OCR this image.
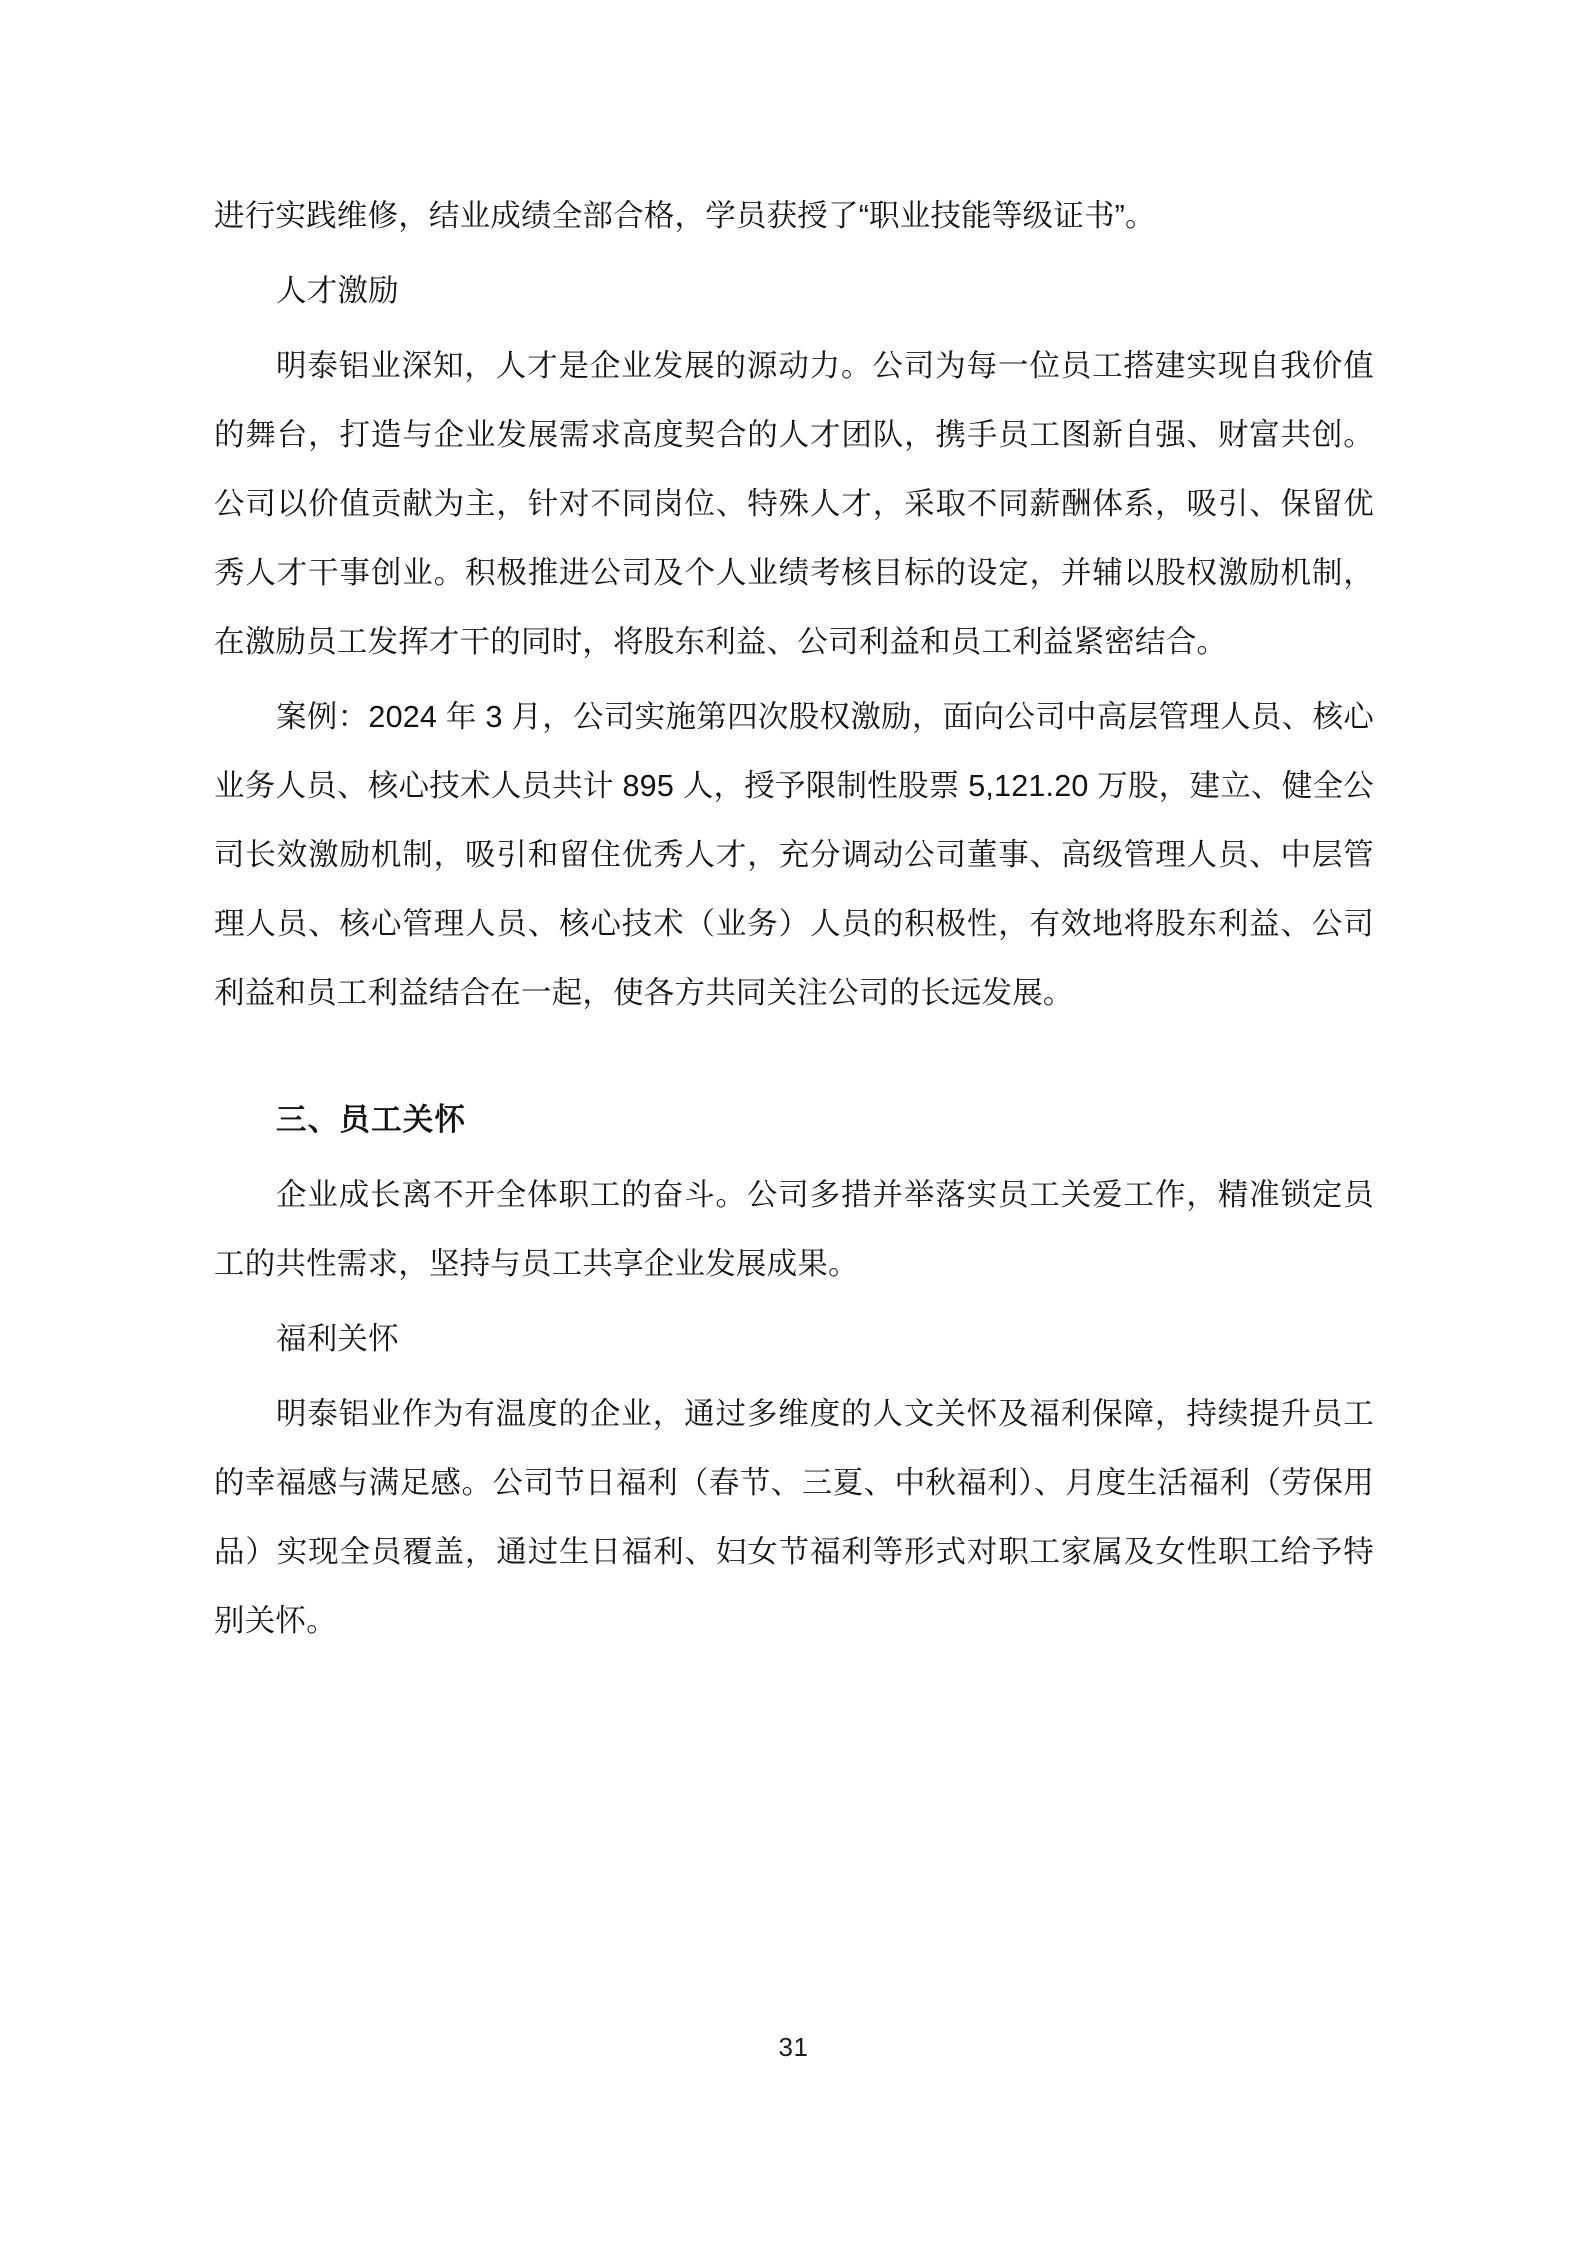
进行实践维修，结业成绩全部合格，学员获授了“职业技能等级证书”。

人才激励

明泰铝业深知，人才是企业发展的源动力。公司为每一位员工搭建实现自我价值的舞台，打造与企业发展需求高度契合的人才团队，携手员工图新自强、财富共创。公司以价值贡献为主，针对不同岗位、特殊人才，采取不同薪酬体系，吸引、保留优秀人才干事创业。积极推进公司及个人业绩考核目标的设定，并辅以股权激励机制，在激励员工发挥才干的同时，将股东利益、公司利益和员工利益紧密结合。

案例：2024 年 3 月，公司实施第四次股权激励，面向公司中高层管理人员、核心业务人员、核心技术人员共计 895 人，授予限制性股票 5,121.20 万股，建立、健全公司长效激励机制，吸引和留住优秀人才，充分调动公司董事、高级管理人员、中层管理人员、核心管理人员、核心技术（业务）人员的积极性，有效地将股东利益、公司利益和员工利益结合在一起，使各方共同关注公司的长远发展。

三、员工关怀

企业成长离不开全体职工的奋斗。公司多措并举落实员工关爱工作，精准锁定员工的共性需求，坚持与员工共享企业发展成果。

福利关怀

明泰铝业作为有温度的企业，通过多维度的人文关怀及福利保障，持续提升员工的幸福感与满足感。公司节日福利（春节、三夏、中秋福利）、月度生活福利（劳保用品）实现全员覆盖，通过生日福利、妇女节福利等形式对职工家属及女性职工给予特别关怀。

31
